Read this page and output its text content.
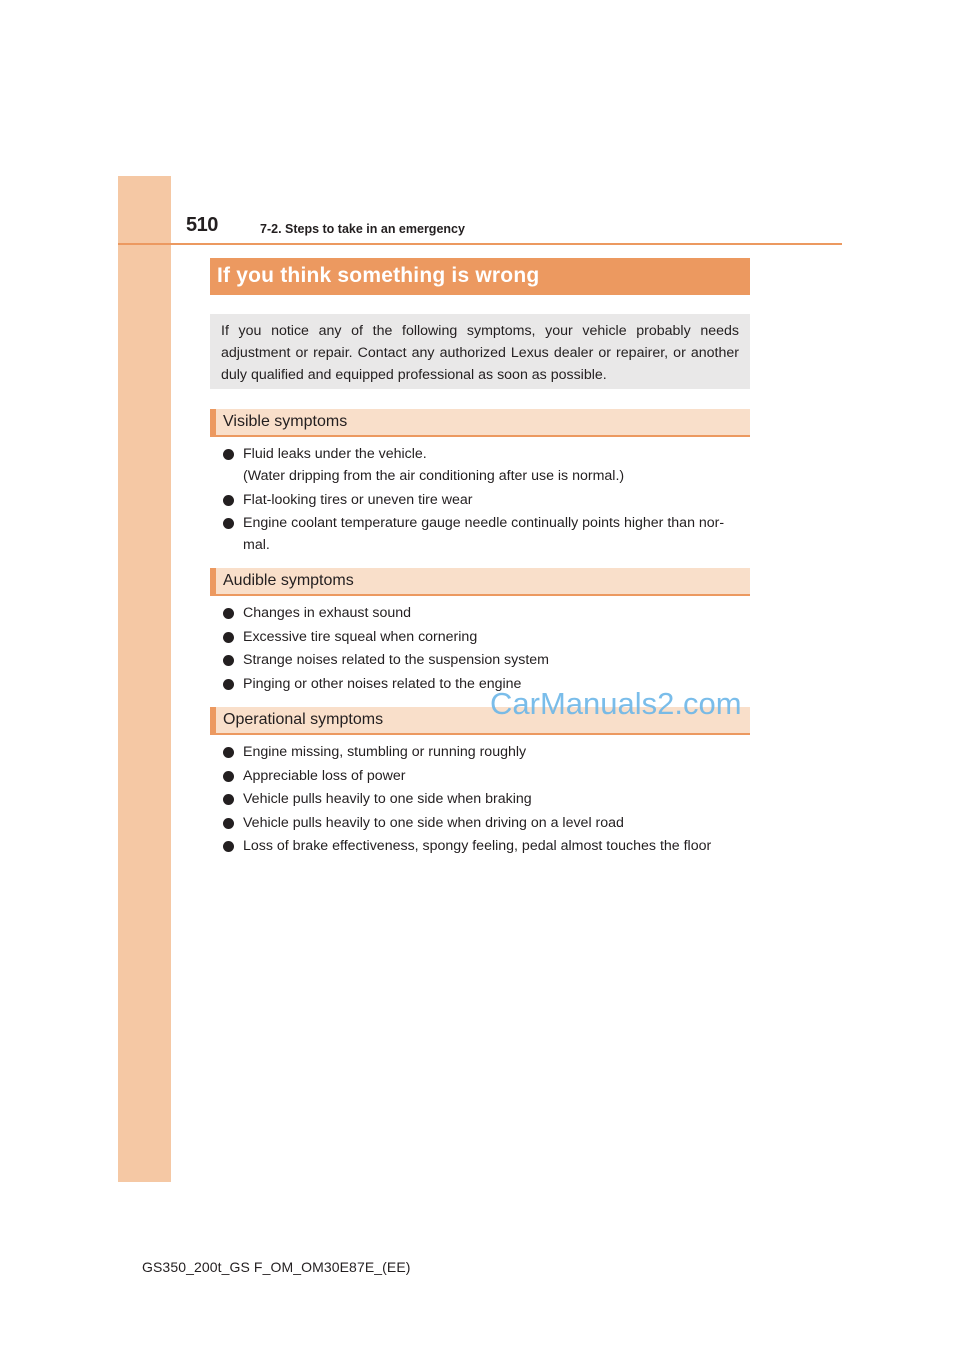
510	7-2. Steps to take in an emergency
If you think something is wrong
If you notice any of the following symptoms, your vehicle probably needs adjustment or repair. Contact any authorized Lexus dealer or repairer, or another duly qualified and equipped professional as soon as possible.
Visible symptoms
Fluid leaks under the vehicle.
(Water dripping from the air conditioning after use is normal.)
Flat-looking tires or uneven tire wear
Engine coolant temperature gauge needle continually points higher than nor-
mal.
Audible symptoms
Changes in exhaust sound
Excessive tire squeal when cornering
Strange noises related to the suspension system
Pinging or other noises related to the engine
Operational symptoms
Engine missing, stumbling or running roughly
Appreciable loss of power
Vehicle pulls heavily to one side when braking
Vehicle pulls heavily to one side when driving on a level road
Loss of brake effectiveness, spongy feeling, pedal almost touches the floor
CarManuals2.com
GS350_200t_GS F_OM_OM30E87E_(EE)
